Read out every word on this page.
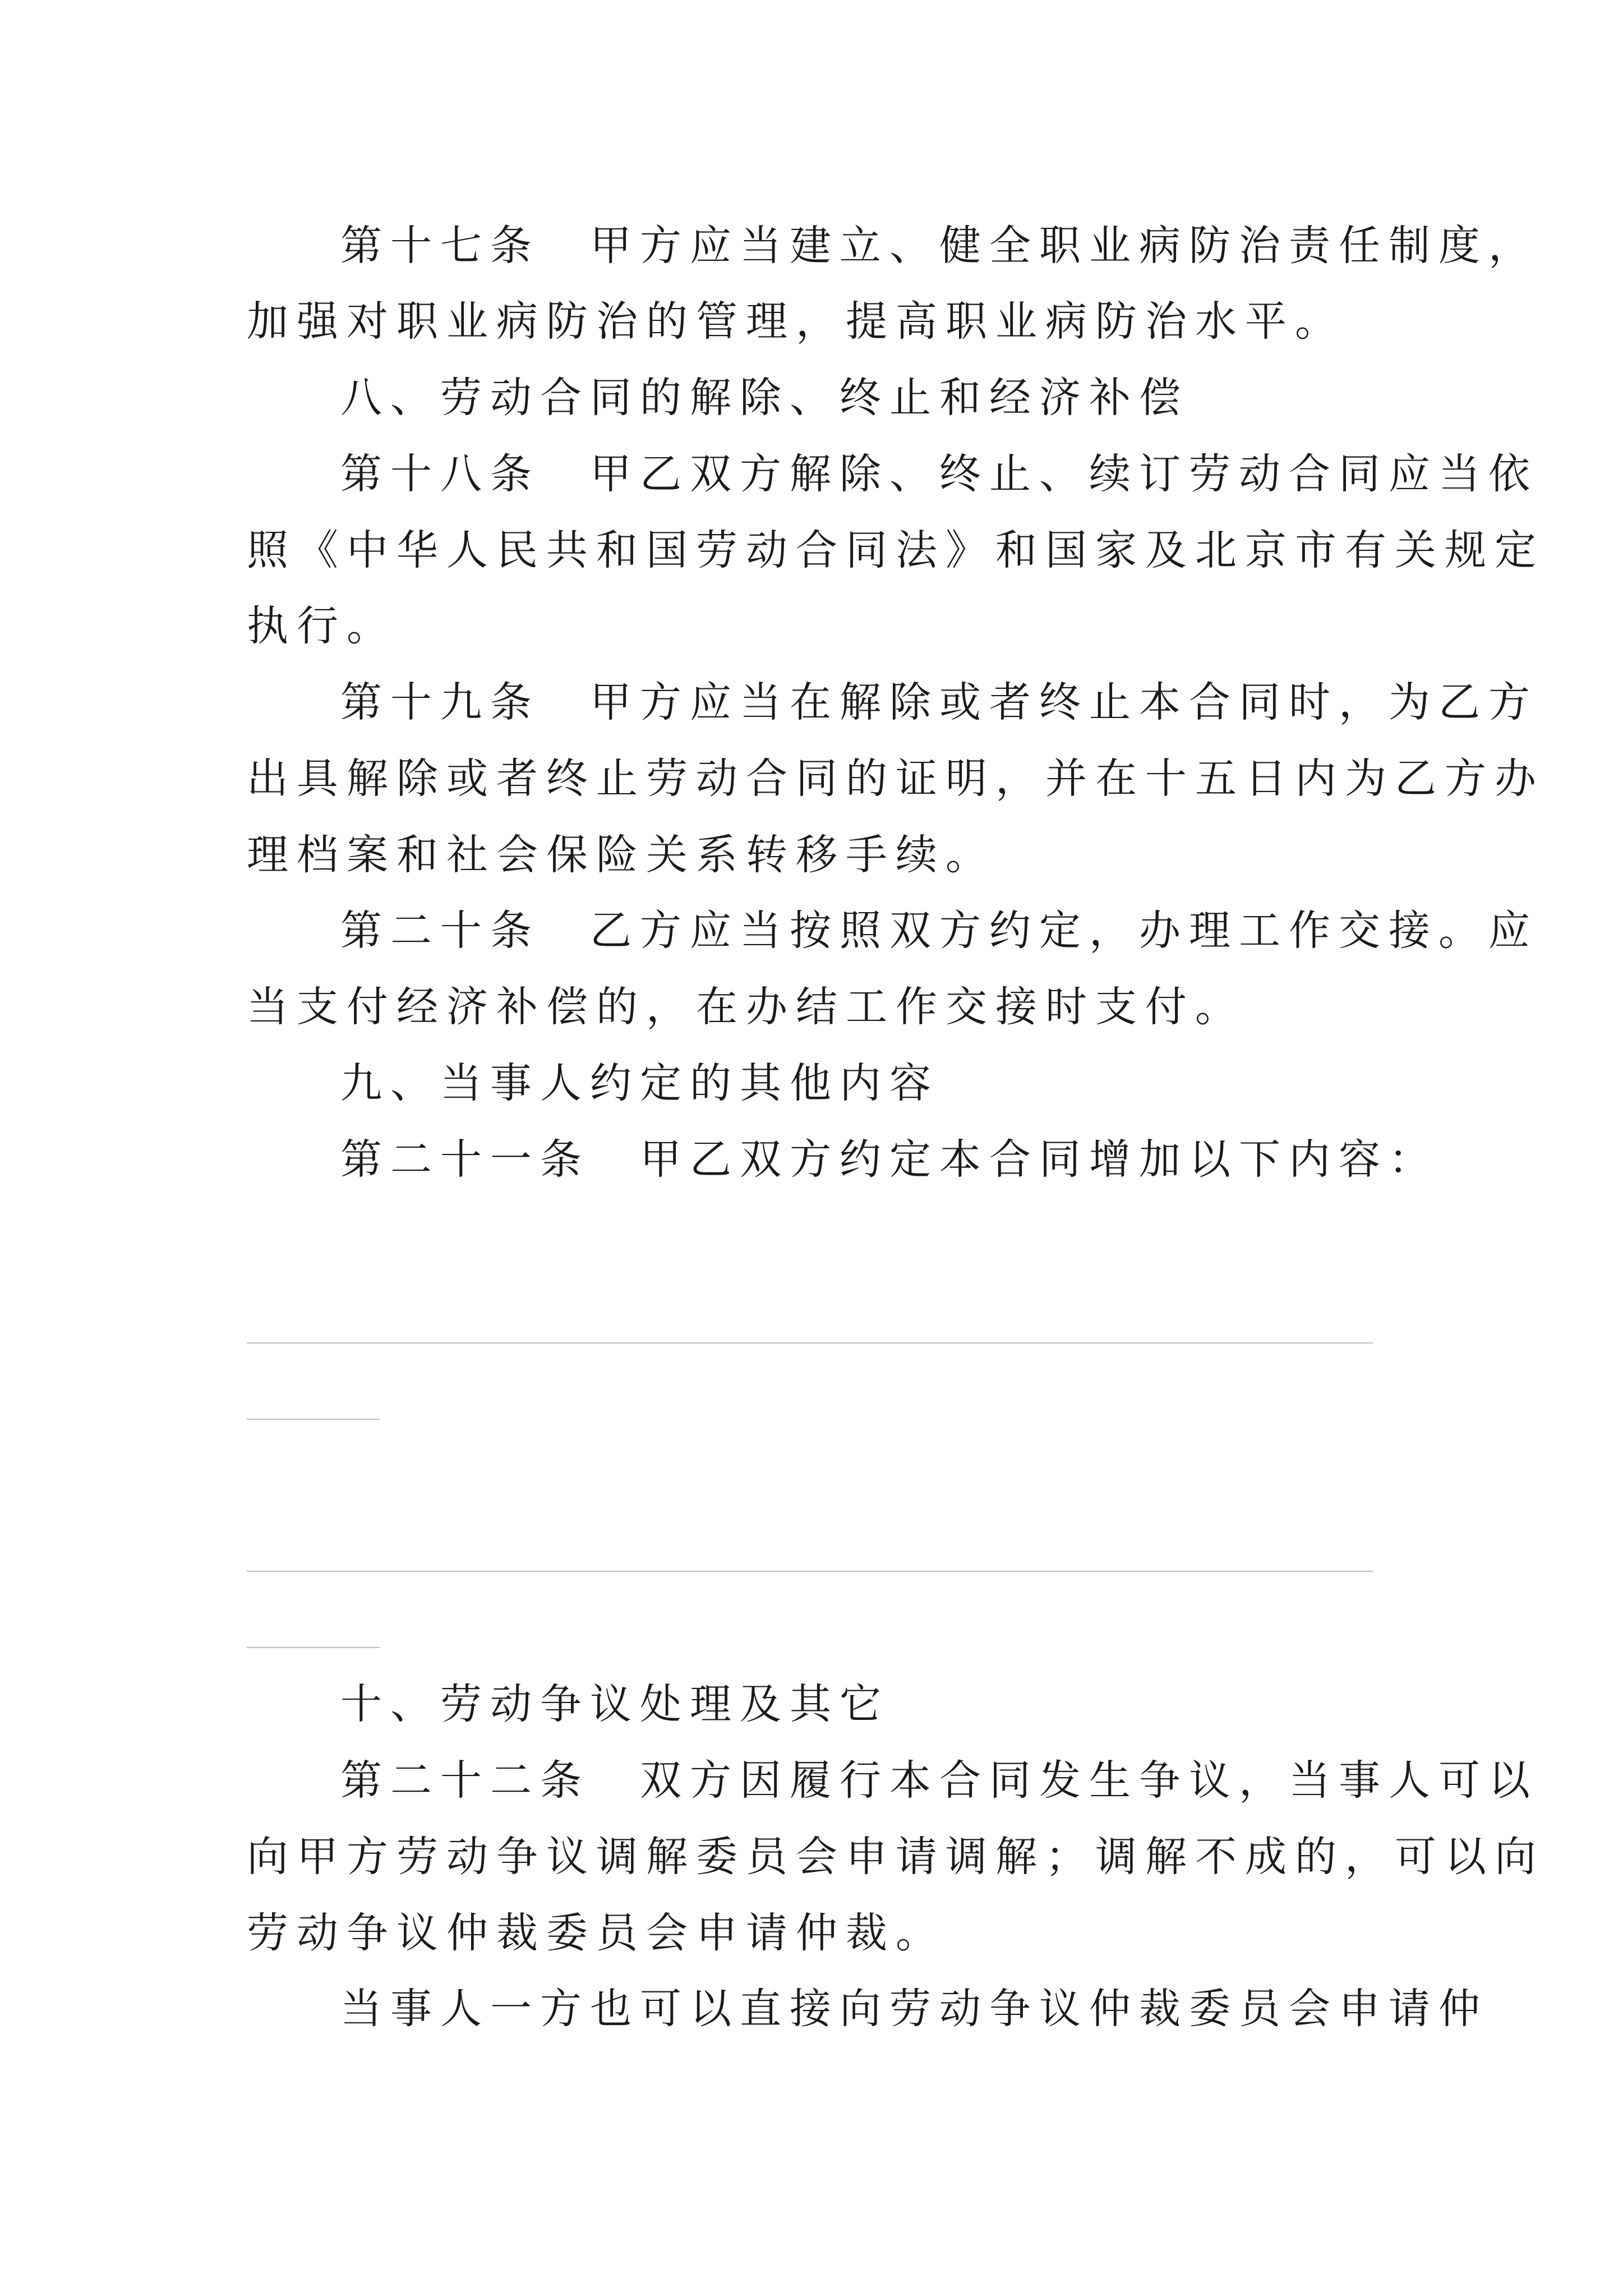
第十七条　甲方应当建立、健全职业病防治责任制度，

加强对职业病防治的管理，提高职业病防治水平。

八、劳动合同的解除、终止和经济补偿

第十八条　甲乙双方解除、终止、续订劳动合同应当依

照《中华人民共和国劳动合同法》和国家及北京市有关规定

执行。

第十九条　甲方应当在解除或者终止本合同时，为乙方

出具解除或者终止劳动合同的证明，并在十五日内为乙方办

理档案和社会保险关系转移手续。

第二十条　乙方应当按照双方约定，办理工作交接。应

当支付经济补偿的，在办结工作交接时支付。

九、当事人约定的其他内容

第二十一条　甲乙双方约定本合同增加以下内容：

十、劳动争议处理及其它

第二十二条　双方因履行本合同发生争议，当事人可以

向甲方劳动争议调解委员会申请调解；调解不成的，可以向

劳动争议仲裁委员会申请仲裁。

当事人一方也可以直接向劳动争议仲裁委员会申请仲
